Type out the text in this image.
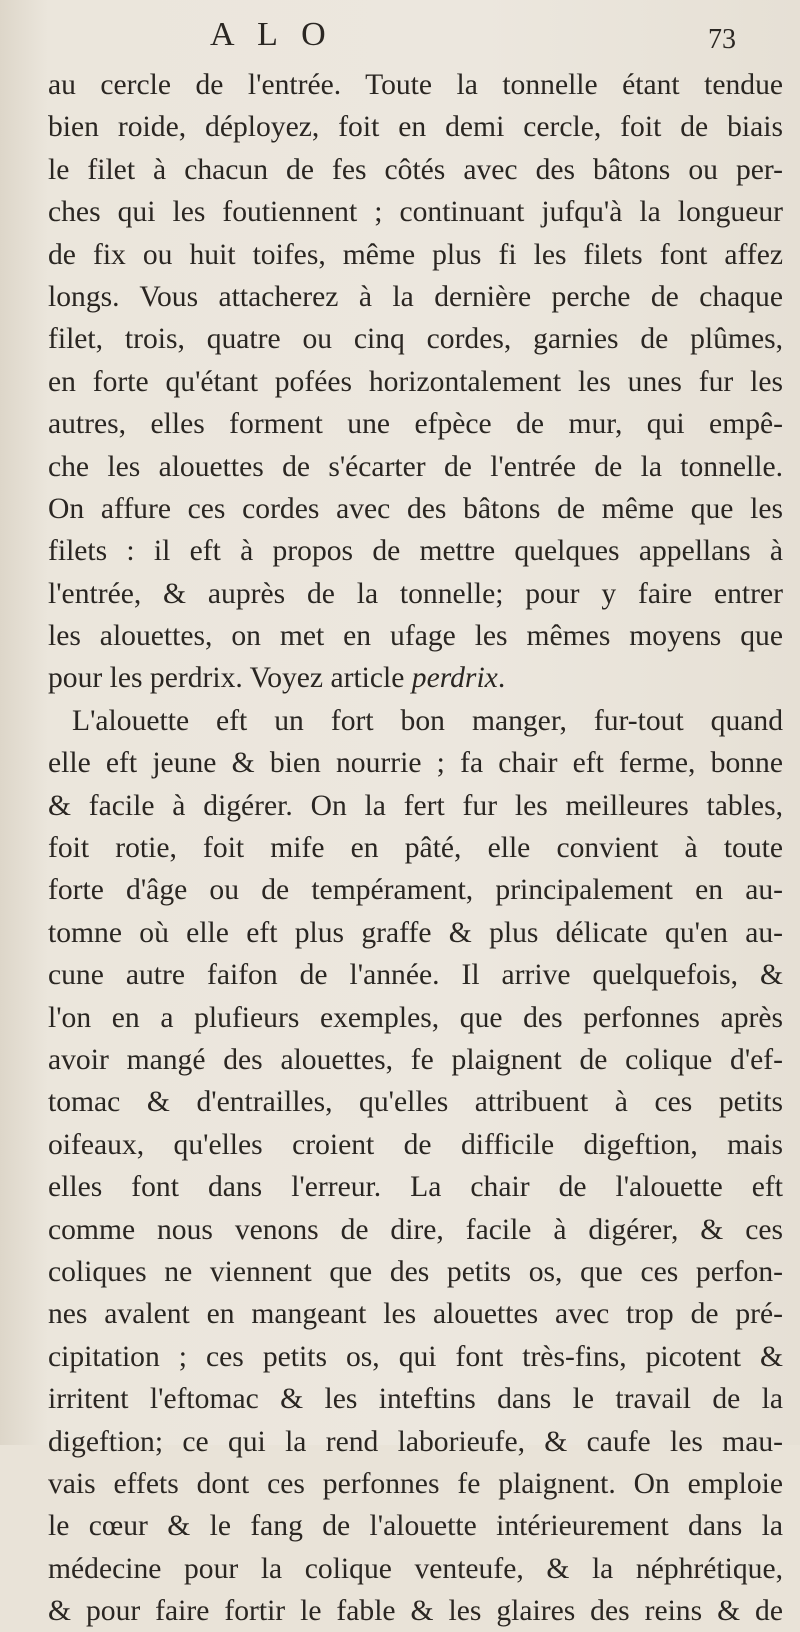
A L O	73
au cercle de l'entrée. Toute la tonnelle étant tendue
bien roide, déployez, foit en demi cercle, foit de biais
le filet à chacun de fes côtés avec des bâtons ou per-
ches qui les foutiennent ; continuant jufqu'à la longueur
de fix ou huit toifes, même plus fi les filets font affez
longs. Vous attacherez à la dernière perche de chaque
filet, trois, quatre ou cinq cordes, garnies de plûmes,
en forte qu'étant pofées horizontalement les unes fur les
autres, elles forment une efpèce de mur, qui empê-
che les alouettes de s'écarter de l'entrée de la tonnelle.
On affure ces cordes avec des bâtons de même que les
filets : il eft à propos de mettre quelques appellans à
l'entrée, & auprès de la tonnelle; pour y faire entrer
les alouettes, on met en ufage les mêmes moyens que
pour les perdrix. Voyez article perdrix.
L'alouette eft un fort bon manger, fur-tout quand
elle eft jeune & bien nourrie ; fa chair eft ferme, bonne
& facile à digérer. On la fert fur les meilleures tables,
foit rotie, foit mife en pâté, elle convient à toute
forte d'âge ou de tempérament, principalement en au-
tomne où elle eft plus graffe & plus délicate qu'en au-
cune autre faifon de l'année. Il arrive quelquefois, &
l'on en a plufieurs exemples, que des perfonnes après
avoir mangé des alouettes, fe plaignent de colique d'ef-
tomac & d'entrailles, qu'elles attribuent à ces petits
oifeaux, qu'elles croient de difficile digeftion, mais
elles font dans l'erreur. La chair de l'alouette eft
comme nous venons de dire, facile à digérer, & ces
coliques ne viennent que des petits os, que ces perfon-
nes avalent en mangeant les alouettes avec trop de pré-
cipitation ; ces petits os, qui font très-fins, picotent &
irritent l'eftomac & les inteftins dans le travail de la
digeftion; ce qui la rend laborieufe, & caufe les mau-
vais effets dont ces perfonnes fe plaignent. On emploie
le cœur & le fang de l'alouette intérieurement dans la
médecine pour la colique venteufe, & la néphrétique,
& pour faire fortir le fable & les glaires des reins & de
